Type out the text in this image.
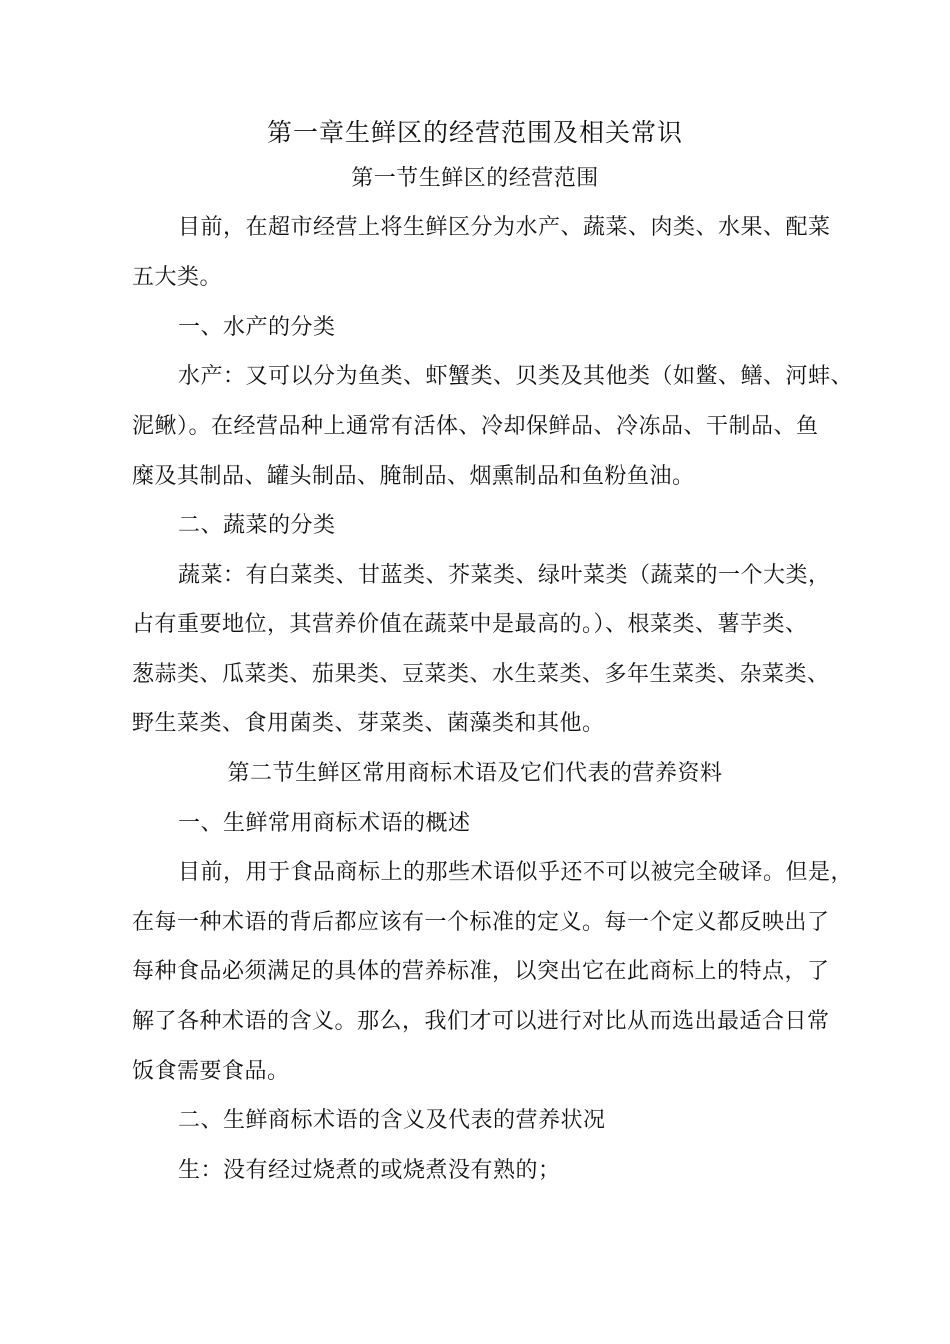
第一章生鲜区的经营范围及相关常识
第一节生鲜区的经营范围
目前，在超市经营上将生鲜区分为水产、蔬菜、肉类、水果、配菜
五大类。
一、水产的分类
水产：又可以分为鱼类、虾蟹类、贝类及其他类（如鳖、鳝、河蚌、
泥鳅）。在经营品种上通常有活体、冷却保鲜品、冷冻品、干制品、鱼
糜及其制品、罐头制品、腌制品、烟熏制品和鱼粉鱼油。
二、蔬菜的分类
蔬菜：有白菜类、甘蓝类、芥菜类、绿叶菜类（蔬菜的一个大类，
占有重要地位，其营养价值在蔬菜中是最高的。）、根菜类、薯芋类、
葱蒜类、瓜菜类、茄果类、豆菜类、水生菜类、多年生菜类、杂菜类、
野生菜类、食用菌类、芽菜类、菌藻类和其他。
第二节生鲜区常用商标术语及它们代表的营养资料
一、生鲜常用商标术语的概述
目前，用于食品商标上的那些术语似乎还不可以被完全破译。但是，
在每一种术语的背后都应该有一个标准的定义。每一个定义都反映出了
每种食品必须满足的具体的营养标准，以突出它在此商标上的特点，了
解了各种术语的含义。那么，我们才可以进行对比从而选出最适合日常
饭食需要食品。
二、生鲜商标术语的含义及代表的营养状况
生：没有经过烧煮的或烧煮没有熟的；
